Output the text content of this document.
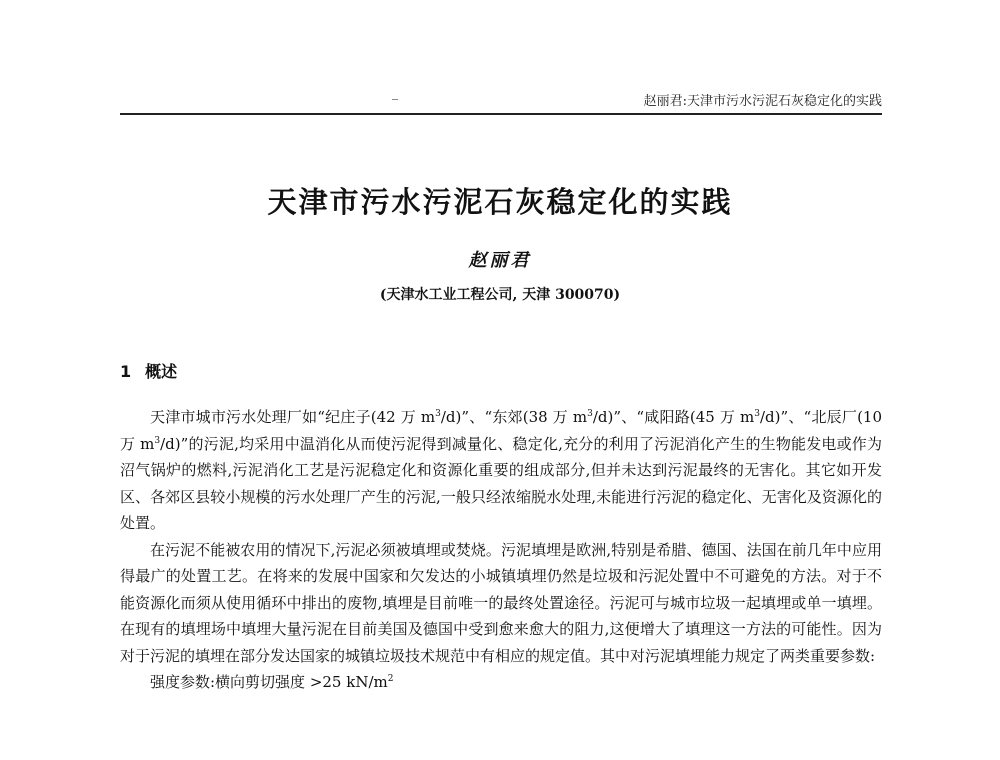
赵丽君:天津市污水污泥石灰稳定化的实践
天津市污水污泥石灰稳定化的实践
赵丽君
(天津水工业工程公司, 天津 300070)
1 概述

天津市城市污水处理厂如“纪庄子(42 万 $m^3/d$)”、“东郊(38 万 $m^3/d$)”、“咸阳路(45 万 $m^3/d$)”、“北辰厂(10 万 $m^3/d$)”的污泥,均采用中温消化从而使污泥得到减量化、稳定化,充分的利用了污泥消化产生的生物能发电或作为沼气锅炉的燃料,污泥消化工艺是污泥稳定化和资源化重要的组成部分,但并未达到污泥最终的无害化。其它如开发区、各郊区县较小规模的污水处理厂产生的污泥,一般只经浓缩脱水处理,未能进行污泥的稳定化、无害化及资源化的处置。

在污泥不能被农用的情况下,污泥必须被填埋或焚烧。污泥填埋是欧洲,特别是希腊、德国、法国在前几年中应用得最广的处置工艺。在将来的发展中国家和欠发达的小城镇填埋仍然是垃圾和污泥处置中不可避免的方法。对于不能资源化而须从使用循环中排出的废物,填埋是目前唯一的最终处置途径。污泥可与城市垃圾一起填埋或单一填埋。在现有的填埋场中填埋大量污泥在目前美国及德国中受到愈来愈大的阻力,这便增大了填理这一方法的可能性。因为对于污泥的填埋在部分发达国家的城镇垃圾技术规范中有相应的规定值。其中对污泥填埋能力规定了两类重要参数:

强度参数:横向剪切强度 >25 $kN/m^2$
